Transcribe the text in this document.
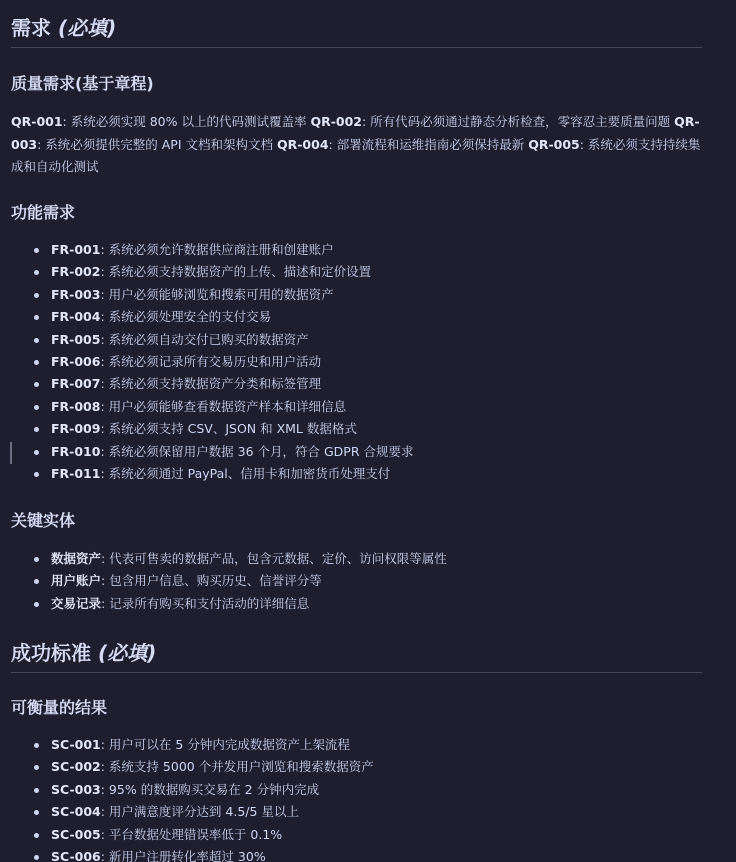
需求 (必填)
质量需求(基于章程)

QR-001: 系统必须实现 80% 以上的代码测试覆盖率 QR-002: 所有代码必须通过静态分析检查，零容忍主要质量问题 QR-003: 系统必须提供完整的 API 文档和架构文档 QR-004: 部署流程和运维指南必须保持最新 QR-005: 系统必须支持持续集成和自动化测试

功能需求
FR-001: 系统必须允许数据供应商注册和创建账户
FR-002: 系统必须支持数据资产的上传、描述和定价设置
FR-003: 用户必须能够浏览和搜索可用的数据资产
FR-004: 系统必须处理安全的支付交易
FR-005: 系统必须自动交付已购买的数据资产
FR-006: 系统必须记录所有交易历史和用户活动
FR-007: 系统必须支持数据资产分类和标签管理
FR-008: 用户必须能够查看数据资产样本和详细信息
FR-009: 系统必须支持 CSV、JSON 和 XML 数据格式
FR-010: 系统必须保留用户数据 36 个月，符合 GDPR 合规要求
FR-011: 系统必须通过 PayPal、信用卡和加密货币处理支付
关键实体
数据资产: 代表可售卖的数据产品，包含元数据、定价、访问权限等属性
用户账户: 包含用户信息、购买历史、信誉评分等
交易记录: 记录所有购买和支付活动的详细信息
成功标准 (必填)
可衡量的结果
SC-001: 用户可以在 5 分钟内完成数据资产上架流程
SC-002: 系统支持 5000 个并发用户浏览和搜索数据资产
SC-003: 95% 的数据购买交易在 2 分钟内完成
SC-004: 用户满意度评分达到 4.5/5 星以上
SC-005: 平台数据处理错误率低于 0.1%
SC-006: 新用户注册转化率超过 30%
